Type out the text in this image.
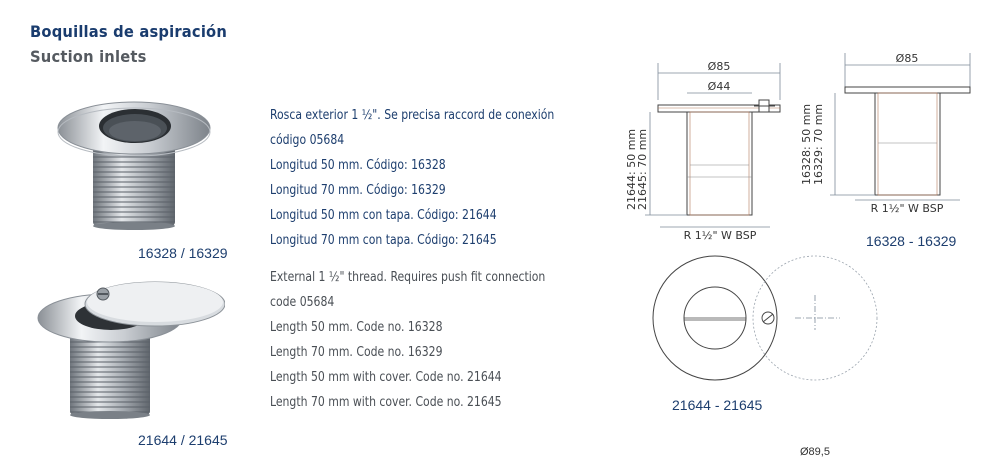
Boquillas de aspiración
Suction inlets
16328 / 16329
21644 / 21645
Rosca exterior 1 ½". Se precisa raccord de conexión
código 05684
Longitud 50 mm. Código: 16328
Longitud 70 mm. Código: 16329
Longitud 50 mm con tapa. Código: 21644
Longitud 70 mm con tapa. Código: 21645
External 1 ½" thread. Requires push fit connection
code 05684
Length 50 mm. Code no. 16328
Length 70 mm. Code no. 16329
Length 50 mm with cover. Code no. 21644
Length 70 mm with cover. Code no. 21645
Ø85
Ø44
21644: 50 mm
21645: 70 mm
R 1½" W BSP
Ø85
16328: 50 mm 16329: 70 mm
R 1½" W BSP
16328 - 16329
21644 - 21645
Ø89,5
